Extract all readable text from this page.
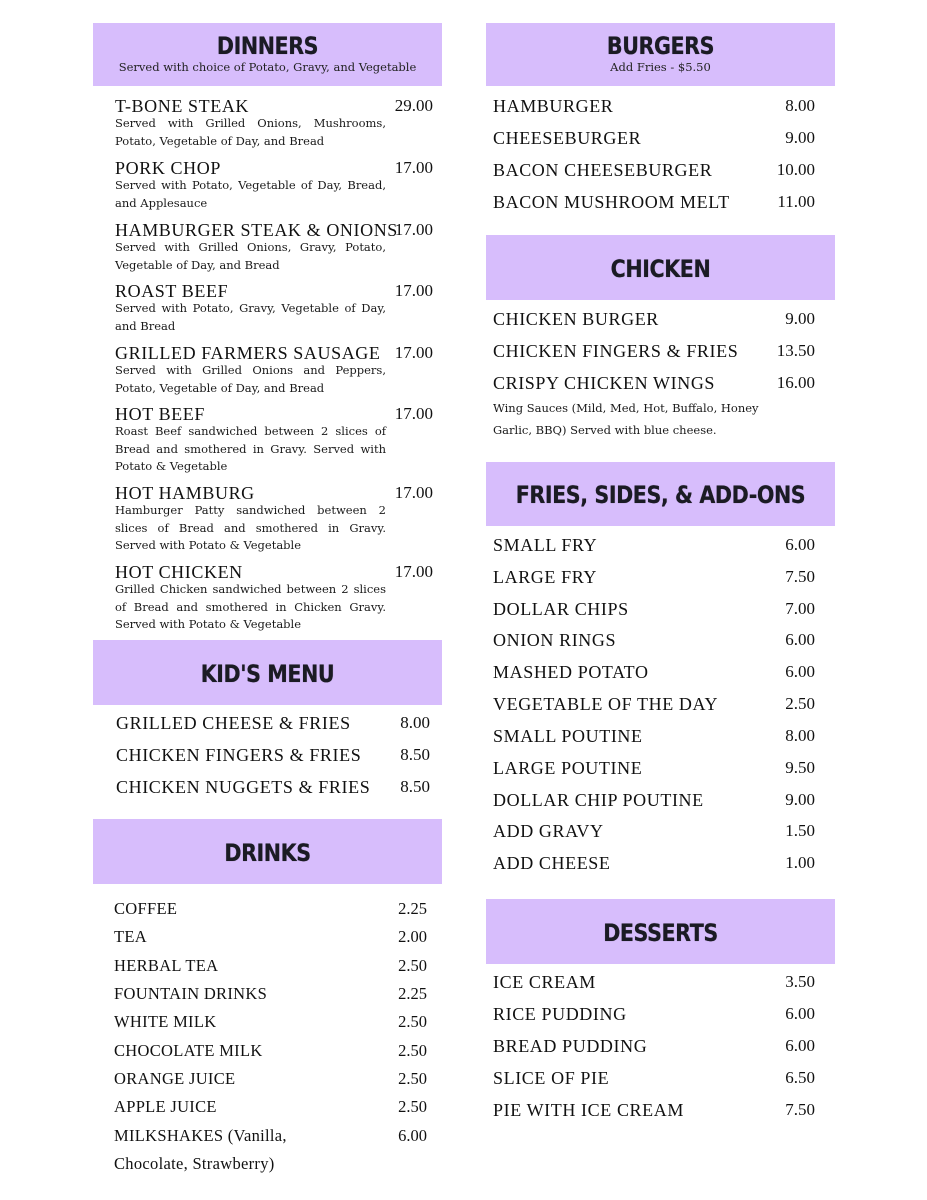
DINNERS
Served with choice of Potato, Gravy, and Vegetable
T-BONE STEAK	29.00
Served with Grilled Onions, Mushrooms, Potato, Vegetable of Day, and Bread
PORK CHOP	17.00
Served with Potato, Vegetable of Day, Bread, and Applesauce
HAMBURGER STEAK & ONIONS
17.00
Served with Grilled Onions, Gravy, Potato, Vegetable of Day, and Bread
ROAST BEEF	17.00
Served with Potato, Gravy, Vegetable of Day, and Bread
GRILLED FARMERS SAUSAGE 17.00
Served with Grilled Onions and Peppers, Potato, Vegetable of Day, and Bread
HOT BEEF	17.00
Roast Beef sandwiched between 2 slices of Bread and smothered in Gravy. Served with Potato & Vegetable
HOT HAMBURG	17.00
Hamburger Patty sandwiched between 2 slices of Bread and smothered in Gravy. Served with Potato & Vegetable
HOT CHICKEN	17.00
Grilled Chicken sandwiched between 2 slices of Bread and smothered in Chicken Gravy. Served with Potato & Vegetable
KID'S MENU
GRILLED CHEESE & FRIES	8.00
CHICKEN FINGERS & FRIES 8.50
CHICKEN NUGGETS & FRIES 8.50
DRINKS
COFFEE	2.25
TEA	2.00
HERBAL TEA	2.50
FOUNTAIN DRINKS	2.25
WHITE MILK	2.50
CHOCOLATE MILK	2.50
ORANGE JUICE	2.50
APPLE JUICE	2.50
MILKSHAKES (Vanilla,
Chocolate, Strawberry)
6.00
BURGERS
Add Fries - $5.50
HAMBURGER	8.00
CHEESEBURGER	9.00
BACON CHEESEBURGER	10.00
BACON MUSHROOM MELT	11.00
CHICKEN
CHICKEN BURGER	9.00
CHICKEN FINGERS & FRIES 13.50
CRISPY CHICKEN WINGS	16.00
Wing Sauces (Mild, Med, Hot, Buffalo, Honey Garlic, BBQ) Served with blue cheese.
FRIES, SIDES, & ADD-ONS
SMALL FRY	6.00
LARGE FRY	7.50
DOLLAR CHIPS	7.00
ONION RINGS	6.00
MASHED POTATO	6.00
VEGETABLE OF THE DAY	2.50
SMALL POUTINE	8.00
LARGE POUTINE	9.50
DOLLAR CHIP POUTINE	9.00
ADD GRAVY	1.50
ADD CHEESE	1.00
DESSERTS
ICE CREAM	3.50
RICE PUDDING	6.00
BREAD PUDDING	6.00
SLICE OF PIE	6.50
PIE WITH ICE CREAM	7.50
